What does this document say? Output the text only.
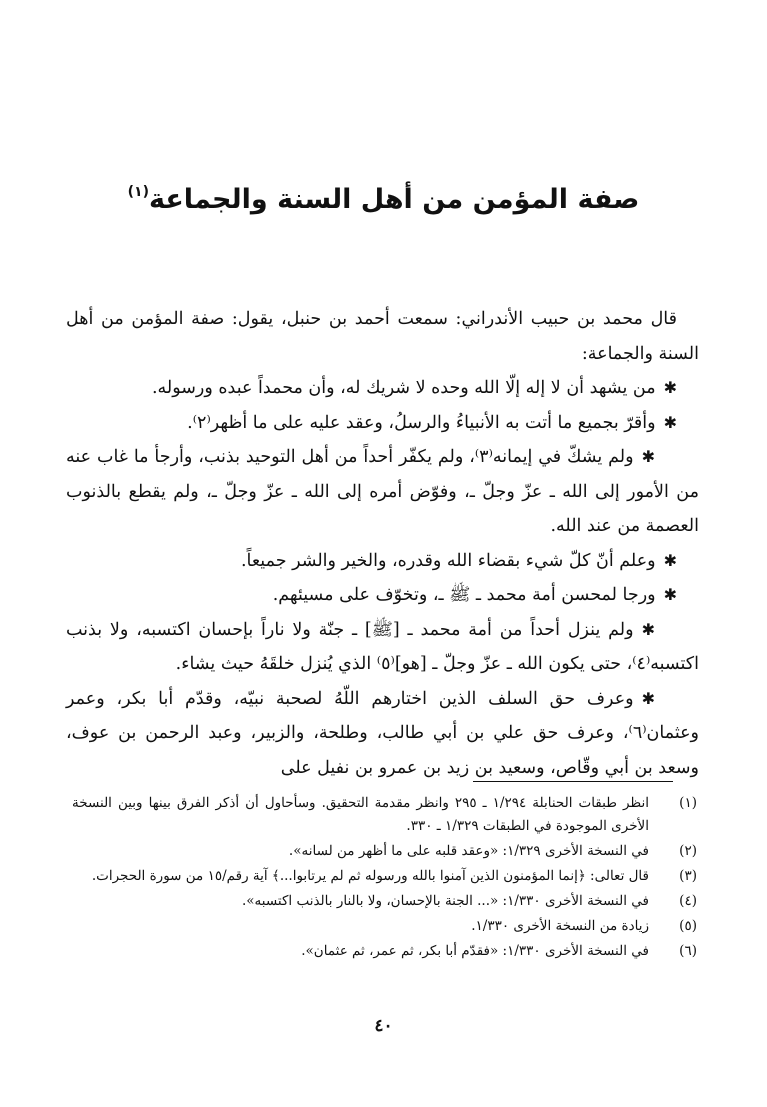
صفة المؤمن من أهل السنة والجماعة$^{(١)}$

قال محمد بن حبيب الأندراني: سمعت أحمد بن حنبل، يقول: صفة المؤمن من أهل السنة والجماعة:

✱من يشهد أن لا إله إلّا الله وحده لا شريك له، وأن محمداً عبده ورسوله.

✱وأقرّ بجميع ما أتت به الأنبياءُ والرسلُ، وعقد عليه على ما أظهر⁽٢⁾.

✱ولم يشكّ في إيمانه⁽٣⁾، ولم يكفّر أحداً من أهل التوحيد بذنب، وأرجأ ما غاب عنه من الأمور إلى الله ـ عزّ وجلّ ـ، وفوّض أمره إلى الله ـ عزّ وجلّ ـ، ولم يقطع بالذنوب العصمة من عند الله.

✱وعلم أنّ كلّ شيء بقضاء الله وقدره، والخير والشر جميعاً.

✱ورجا لمحسن أمة محمد ـ ﷺ ـ، وتخوّف على مسيئهم.

✱ولم ينزل أحداً من أمة محمد ـ [ﷺ] ـ جنّة ولا ناراً بإحسان اكتسبه، ولا بذنب اكتسبه⁽٤⁾، حتى يكون الله ـ عزّ وجلّ ـ [هو]⁽٥⁾ الذي يُنزل خلقَهُ حيث يشاء.

✱وعرف حق السلف الذين اختارهم اللّهُ لصحبة نبيّه، وقدّم أبا بكر، وعمر وعثمان⁽٦⁾، وعرف حق علي بن أبي طالب، وطلحة، والزبير، وعبد الرحمن بن عوف، وسعد بن أبي وقّاص، وسعيد بن زيد بن عمرو بن نفيل على

(١)
انظر طبقات الحنابلة ١/٢٩٤ ـ ٢٩٥ وانظر مقدمة التحقيق. وسأحاول أن أذكر الفرق بينها وبين النسخة الأخرى الموجودة في الطبقات ١/٣٢٩ ـ ٣٣٠.
(٢)
في النسخة الأخرى ١/٣٢٩: «وعقد قلبه على ما أظهر من لسانه».
(٣)
قال تعالى: ﴿إنما المؤمنون الذين آمنوا بالله ورسوله ثم لم يرتابوا...﴾ آية رقم/١٥ من سورة الحجرات.
(٤)
في النسخة الأخرى ١/٣٣٠: «... الجنة بالإحسان، ولا بالنار بالذنب اكتسبه».
(٥)
زيادة من النسخة الأخرى ١/٣٣٠.
(٦)
في النسخة الأخرى ١/٣٣٠: «فقدّم أبا بكر، ثم عمر، ثم عثمان».
٤٠
